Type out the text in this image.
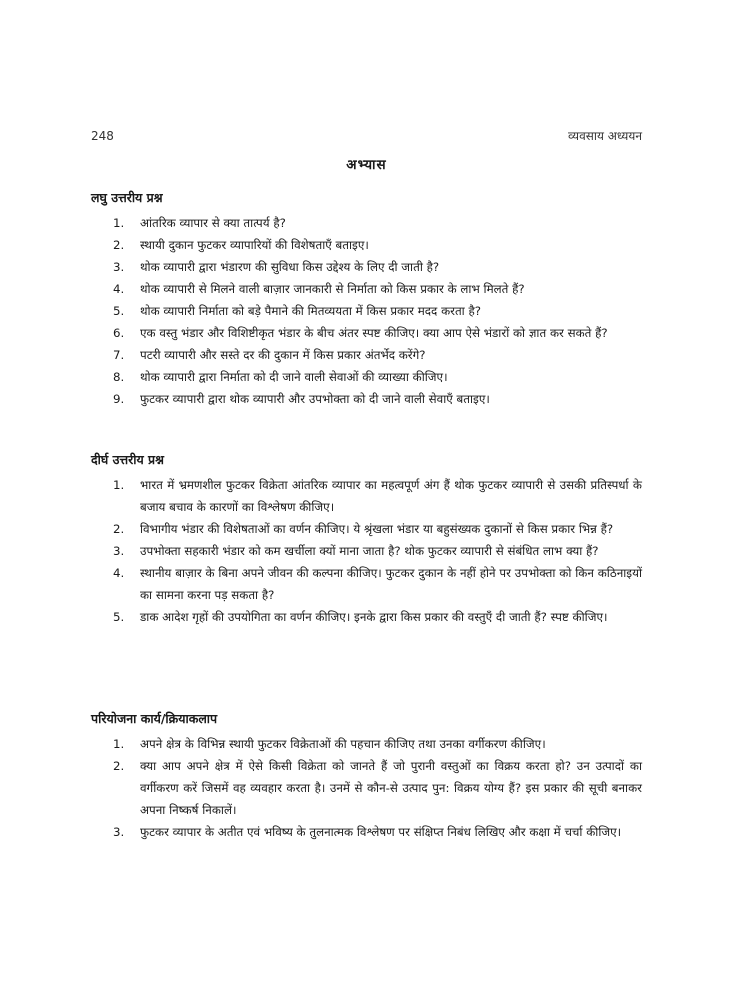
248	व्यवसाय अध्ययन
अभ्यास
लघु उत्तरीय प्रश्न
1.	आंतरिक व्यापार से क्या तात्पर्य है?
2.	स्थायी दुकान फुटकर व्यापारियों की विशेषताएँ बताइए।
3.	थोक व्यापारी द्वारा भंडारण की सुविधा किस उद्देश्य के लिए दी जाती है?
4.	थोक व्यापारी से मिलने वाली बाज़ार जानकारी से निर्माता को किस प्रकार के लाभ मिलते हैं?
5.	थोक व्यापारी निर्माता को बड़े पैमाने की मितव्ययता में किस प्रकार मदद करता है?
6.	एक वस्तु भंडार और विशिष्टीकृत भंडार के बीच अंतर स्पष्ट कीजिए। क्या आप ऐसे भंडारों को ज्ञात कर सकते हैं?
7.	पटरी व्यापारी और सस्ते दर की दुकान में किस प्रकार अंतर्भेद करेंगे?
8.	थोक व्यापारी द्वारा निर्माता को दी जाने वाली सेवाओं की व्याख्या कीजिए।
9.	फुटकर व्यापारी द्वारा थोक व्यापारी और उपभोक्ता को दी जाने वाली सेवाएँ बताइए।
दीर्घ उत्तरीय प्रश्न
1.	भारत में भ्रमणशील फुटकर विक्रेता आंतरिक व्यापार का महत्वपूर्ण अंग हैं थोक फुटकर व्यापारी से उसकी प्रतिस्पर्धा के बजाय बचाव के कारणों का विश्लेषण कीजिए।
2.	विभागीय भंडार की विशेषताओं का वर्णन कीजिए। ये श्रृंखला भंडार या बहुसंख्यक दुकानों से किस प्रकार भिन्न हैं?
3.	उपभोक्ता सहकारी भंडार को कम खर्चीला क्यों माना जाता है? थोक फुटकर व्यापारी से संबंधित लाभ क्या हैं?
4.	स्थानीय बाज़ार के बिना अपने जीवन की कल्पना कीजिए। फुटकर दुकान के नहीं होने पर उपभोक्ता को किन कठिनाइयों का सामना करना पड़ सकता है?
5.	डाक आदेश गृहों की उपयोगिता का वर्णन कीजिए। इनके द्वारा किस प्रकार की वस्तुएँ दी जाती हैं? स्पष्ट कीजिए।
परियोजना कार्य/क्रियाकलाप
1.	अपने क्षेत्र के विभिन्न स्थायी फुटकर विक्रेताओं की पहचान कीजिए तथा उनका वर्गीकरण कीजिए।
2.	क्या आप अपने क्षेत्र में ऐसे किसी विक्रेता को जानते हैं जो पुरानी वस्तुओं का विक्रय करता हो? उन उत्पादों का वर्गीकरण करें जिसमें वह व्यवहार करता है। उनमें से कौन-से उत्पाद पुन: विक्रय योग्य हैं? इस प्रकार की सूची बनाकर अपना निष्कर्ष निकालें।
3.	फुटकर व्यापार के अतीत एवं भविष्य के तुलनात्मक विश्लेषण पर संक्षिप्त निबंध लिखिए और कक्षा में चर्चा कीजिए।
